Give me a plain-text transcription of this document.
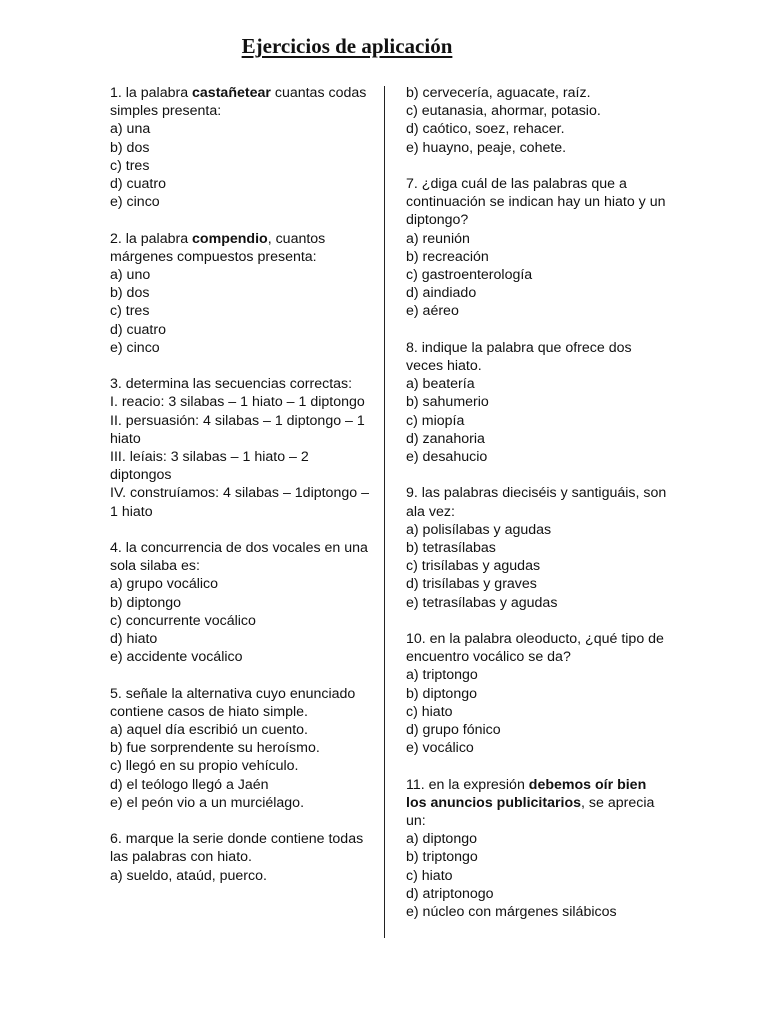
Ejercicios de aplicación
1. la palabra castañetear cuantas codas simples presenta:
a) una
b) dos
c) tres
d) cuatro
e) cinco
2. la palabra compendio, cuantos márgenes compuestos presenta:
a) uno
b) dos
c) tres
d) cuatro
e) cinco
3. determina las secuencias correctas:
I. reacio: 3 silabas – 1 hiato – 1 diptongo
II. persuasión: 4 silabas – 1 diptongo – 1 hiato
III. leíais: 3 silabas – 1 hiato – 2 diptongos
IV. construíamos: 4 silabas – 1diptongo – 1 hiato
4. la concurrencia de dos vocales en una sola silaba es:
a) grupo vocálico
b) diptongo
c) concurrente vocálico
d) hiato
e) accidente vocálico
5. señale la alternativa cuyo enunciado contiene casos de hiato simple.
a) aquel día escribió un cuento.
b) fue sorprendente su heroísmo.
c) llegó en su propio vehículo.
d) el teólogo llegó a Jaén
e) el peón vio a un murciélago.
6. marque la serie donde contiene todas las palabras con hiato.
a) sueldo, ataúd, puerco.
b) cervecería, aguacate, raíz.
c) eutanasia, ahormar, potasio.
d) caótico, soez, rehacer.
e) huayno, peaje, cohete.
7. ¿diga cuál de las palabras que a continuación se indican hay un hiato y un diptongo?
a) reunión
b) recreación
c) gastroenterología
d) aindiado
e) aéreo
8. indique la palabra que ofrece dos veces hiato.
a) beatería
b) sahumerio
c) miopía
d) zanahoria
e) desahucio
9. las palabras dieciséis y santiguáis, son ala vez:
a) polisílabas y agudas
b) tetrasílabas
c) trisílabas y agudas
d) trisílabas y graves
e) tetrasílabas y agudas
10. en la palabra oleoducto, ¿qué tipo de encuentro vocálico se da?
a) triptongo
b) diptongo
c) hiato
d) grupo fónico
e) vocálico
11. en la expresión debemos oír bien los anuncios publicitarios, se aprecia un:
a) diptongo
b) triptongo
c) hiato
d) atriptonogo
e) núcleo con márgenes silábicos
